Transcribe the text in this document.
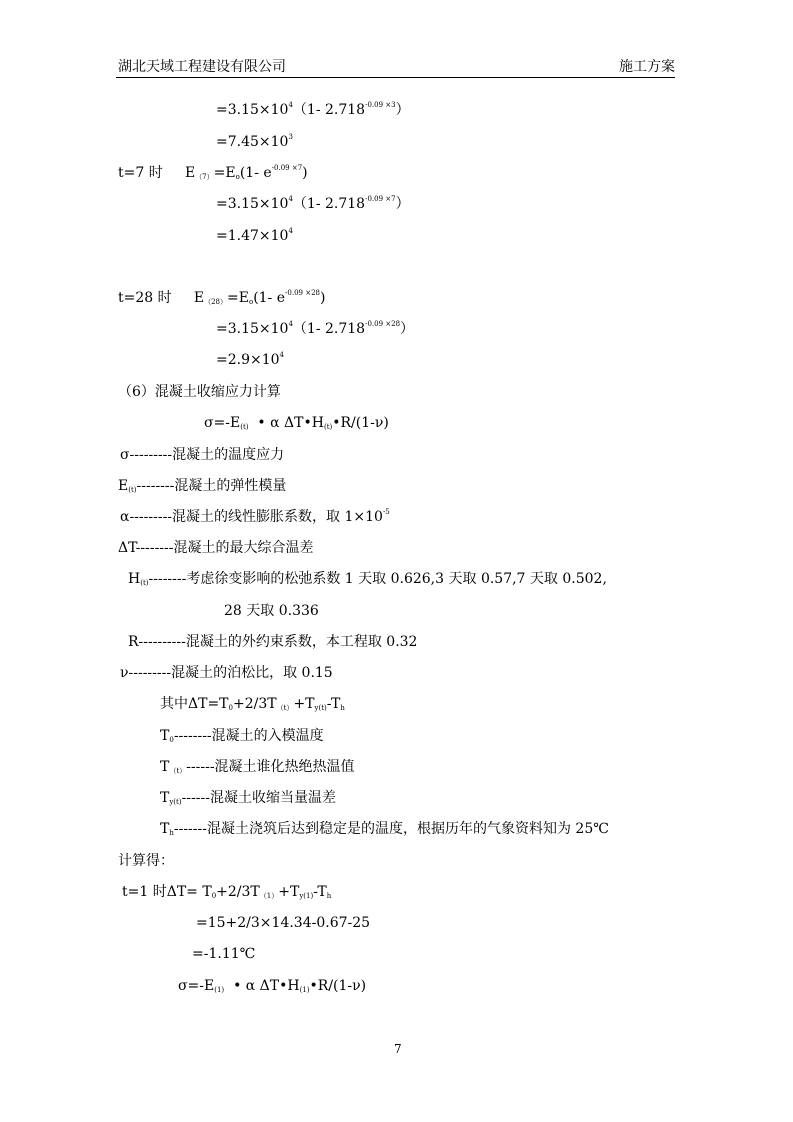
湖北天域工程建设有限公司	施工方案
$=3.15\times 10^4(1-$ $2.718^{-0.09 \times 3}$）
$=7.45\times 10^3$
t=7 时     $E_{(7)}=E_o(1-$ $e^{-0.09 \times 7}$)
$=3.15\times 10^4(1-$ $2.718^{-0.09 \times 7}$）
$=1.47\times 10^4$
t=28 时     $E_{(28)}=E_o(1-$ $e^{-0.09 \times 28}$)
$=3.15\times 10^4(1-$ $2.718^{-0.09 \times 28}$）
$=2.9\times 10^4$
（6）混凝土收缩应力计算
$\sigma=-E_{(t)}$  • α $\Delta T•H_{(t)}•R/(1-\nu)$
σ---------混凝土的温度应力
$E_{(t)}--------$混凝土的弹性模量
α---------混凝土的线性膨胀系数，取 $1\times 10^{-5}$
ΔT--------混凝土的最大综合温差
$H_{(t)}--------$考虑徐变影响的松弛系数 1 天取 0.626,3 天取 0.57,7 天取 0.502,
28 天取 0.336
R----------混凝土的外约束系数，本工程取 0.32
ν---------混凝土的泊松比，取 0.15
其中$\Delta T=T_0+2/3T_{(t)}+T_{y(t)}-T_h$
$T_0--------$混凝土的入模温度
$T_{(t)}------$混凝土谁化热绝热温值
$T_{y(t)}------$混凝土收缩当量温差
$T_h-------$混凝土浇筑后达到稳定是的温度，根据历年的气象资料知为 25℃
计算得：
t=1 时$\Delta T= T_0+2/3T_{(1)}+T_{y(1)}-T_h$
=15+2/3×14.34-0.67-25
=-1.11℃
$\sigma=-E_{(1)}$  • α $\Delta T•H_{(1)}•R/(1-\nu)$
7
